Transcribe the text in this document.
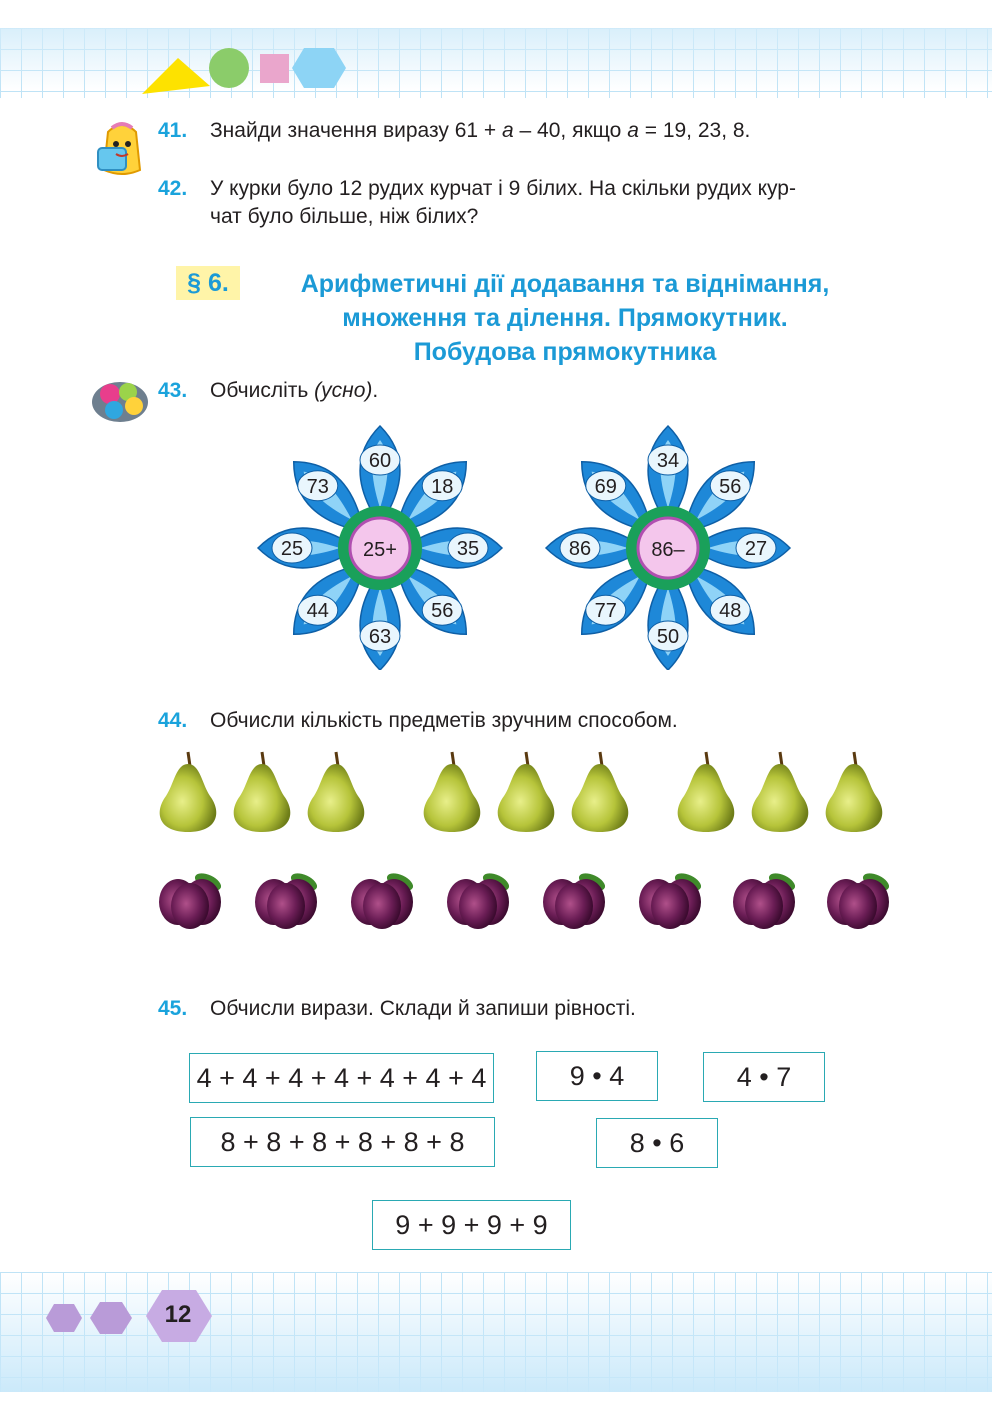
41. Знайди значення виразу 61 + a – 40, якщо a = 19, 23, 8.
42. У курки було 12 рудих курчат і 9 білих. На скільки рудих кур-
чат було більше, ніж білих?
§ 6.	Арифметичні дії додавання та віднімання,
множення та ділення. Прямокутник.
Побудова прямокутника
43. Обчисліть (усно).
25+
60
18
35
56
63
44
25
73
86–
34
56
27
48
50
77
86
69
44. Обчисли кількість предметів зручним способом.
45. Обчисли вирази. Склади й запиши рівності.
4 + 4 + 4 + 4 + 4 + 4 + 4	9 • 4	4 • 7
8 + 8 + 8 + 8 + 8 + 8	8 • 6
9 + 9 + 9 + 9
12
